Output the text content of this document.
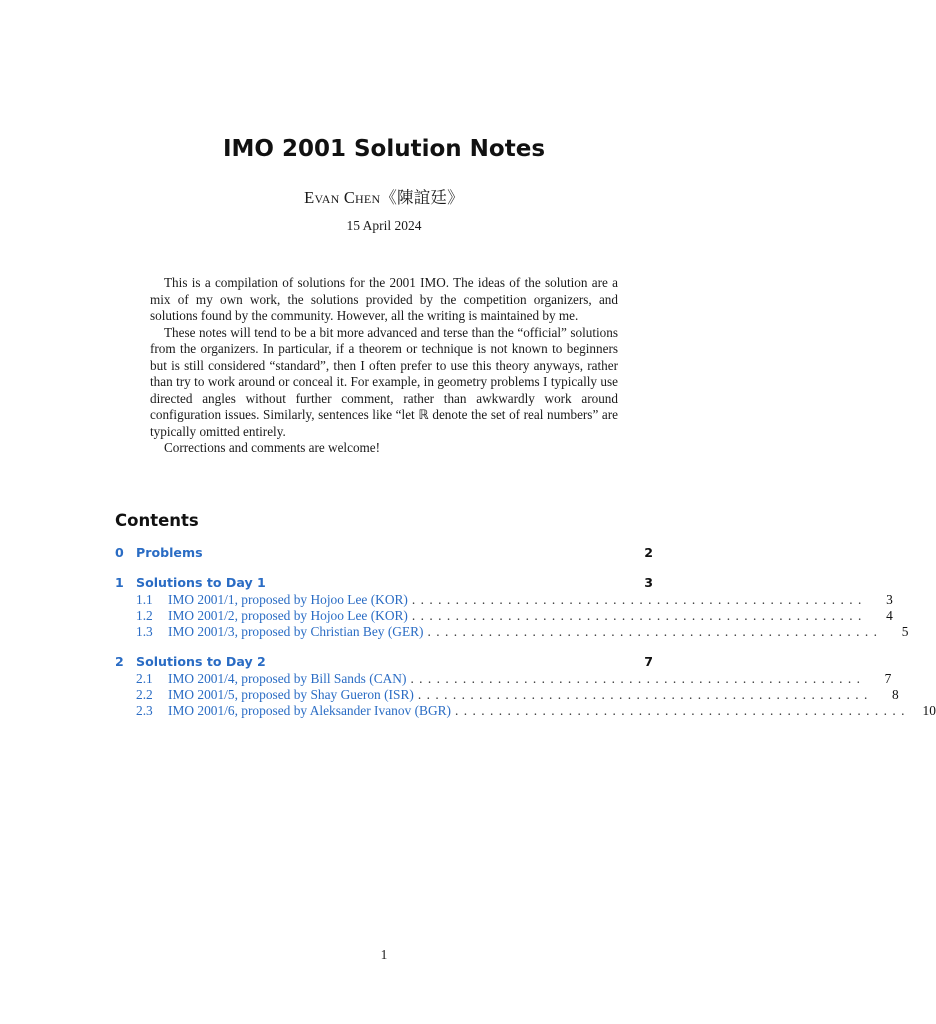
IMO 2001 Solution Notes
Evan Chen《陳誼廷》
15 April 2024

This is a compilation of solutions for the 2001 IMO. The ideas of the solution are a mix of my own work, the solutions provided by the competition organizers, and solutions found by the community. However, all the writing is maintained by me.

These notes will tend to be a bit more advanced and terse than the “official” solutions from the organizers. In particular, if a theorem or technique is not known to beginners but is still considered “standard”, then I often prefer to use this theory anyways, rather than try to work around or conceal it. For example, in geometry problems I typically use directed angles without further comment, rather than awkwardly work around configuration issues. Similarly, sentences like “let ℝ denote the set of real numbers” are typically omitted entirely.

Corrections and comments are welcome!

Contents
0 Problems	2
1 Solutions to Day 1	3
1.1 IMO 2001/1, proposed by Hojoo Lee (KOR) ....................................................	3
1.2 IMO 2001/2, proposed by Hojoo Lee (KOR) ....................................................	4
1.3 IMO 2001/3, proposed by Christian Bey (GER) ....................................................	5
2 Solutions to Day 2	7
2.1 IMO 2001/4, proposed by Bill Sands (CAN) ....................................................	7
2.2 IMO 2001/5, proposed by Shay Gueron (ISR) ....................................................	8
2.3 IMO 2001/6, proposed by Aleksander Ivanov (BGR) .................................................... 10
1
